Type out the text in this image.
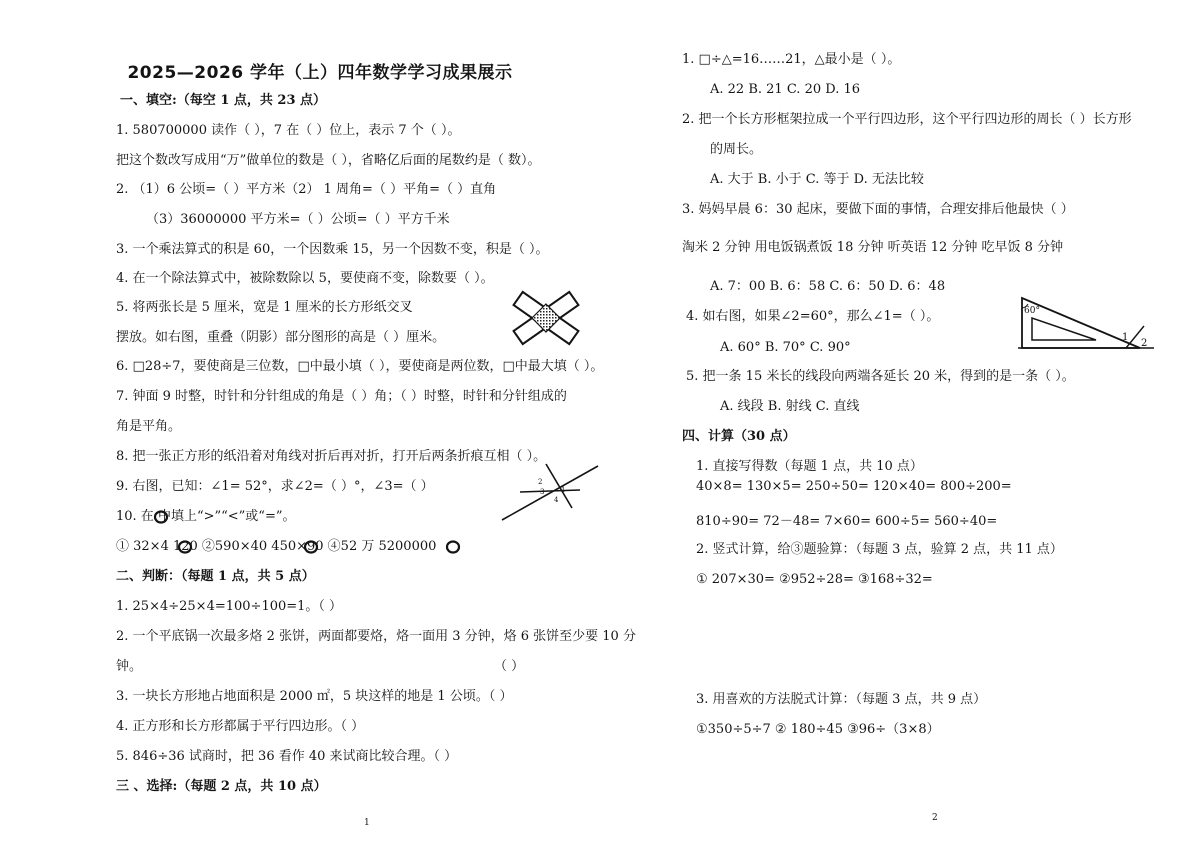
2025—2026 学年（上）四年数学学习成果展示
一、填空:（每空 1 点，共 23 点）
1. 580700000 读作（ ），7 在（ ）位上，表示 7 个（ ）。
把这个数改写成用“万”做单位的数是（ ），省略亿后面的尾数约是（ 数）。
2. （1）6 公顷=（ ）平方米（2） 1 周角=（ ）平角=（ ）直角
（3）36000000 平方米=（ ）公顷=（ ）平方千米
3. 一个乘法算式的积是 60，一个因数乘 15，另一个因数不变，积是（ ）。
4. 在一个除法算式中，被除数除以 5，要使商不变，除数要（ ）。
5. 将两张长是 5 厘米，宽是 1 厘米的长方形纸交叉
摆放。如右图，重叠（阴影）部分图形的高是（ ）厘米。
6. □28÷7，要使商是三位数，□中最小填（ ），要使商是两位数，□中最大填（ ）。
7. 钟面 9 时整，时针和分针组成的角是（ ）角；（ ）时整，时针和分针组成的
角是平角。
8. 把一张正方形的纸沿着对角线对折后再对折，打开后两条折痕互相（ ）。
9. 右图，已知：∠1= 52°，求∠2=（ ）°，∠3=（ ）
10. 在 中填上“>”“<”或“=”。
① 32×4 120 ②590×40 450×90 ④52 万 5200000
二、判断：（每题 1 点，共 5 点）
1. 25×4÷25×4=100÷100=1。（ ）
2. 一个平底锅一次最多烙 2 张饼，两面都要烙，烙一面用 3 分钟，烙 6 张饼至少要 10 分
钟。	（ ）
3. 一块长方形地占地面积是 2000 ㎡，5 块这样的地是 1 公顷。（ ）
4. 正方形和长方形都属于平行四边形。（ ）
5. 846÷36 试商时，把 36 看作 40 来试商比较合理。（ ）
三 、选择:（每题 2 点，共 10 点）
2
3 1
4
1
1. □÷△=16……21，△最小是（ ）。
A. 22 B. 21 C. 20 D. 16
2. 把一个长方形框架拉成一个平行四边形，这个平行四边形的周长（ ）长方形
的周长。
A. 大于 B. 小于 C. 等于 D. 无法比较
3. 妈妈早晨 6：30 起床，要做下面的事情，合理安排后他最快（ ）
淘米 2 分钟 用电饭锅煮饭 18 分钟 听英语 12 分钟 吃早饭 8 分钟
A. 7：00 B. 6：58 C. 6：50 D. 6：48
4. 如右图，如果∠2=60°，那么∠1=（ ）。
A. 60° B. 70° C. 90°
5. 把一条 15 米长的线段向两端各延长 20 米，得到的是一条（ ）。
A. 线段 B. 射线 C. 直线
四、计算（30 点）
1. 直接写得数（每题 1 点，共 10 点）
40×8= 130×5= 250÷50= 120×40= 800÷200=
810÷90= 72－48= 7×60= 600÷5= 560÷40=
2. 竖式计算，给③题验算：（每题 3 点，验算 2 点，共 11 点）
① 207×30= ②952÷28= ③168÷32=
3. 用喜欢的方法脱式计算：（每题 3 点，共 9 点）
①350÷5÷7 ② 180÷45 ③96÷（3×8）
60°
1
2
2
